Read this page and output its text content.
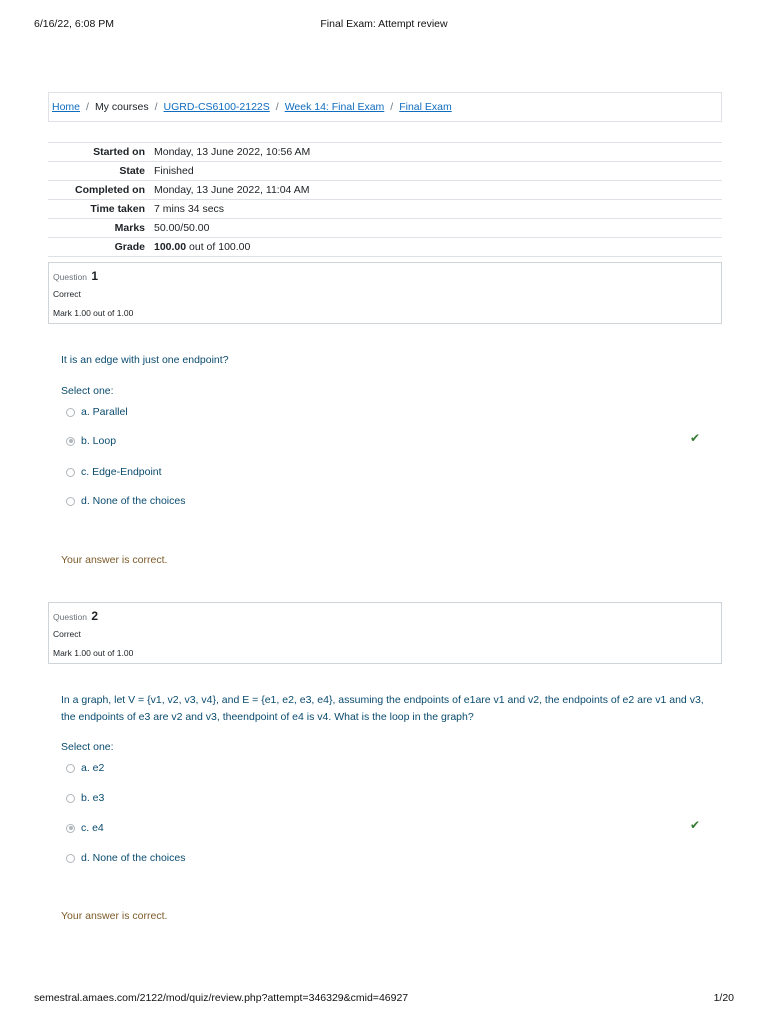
6/16/22, 6:08 PM	Final Exam: Attempt review
Home / My courses / UGRD-CS6100-2122S / Week 14: Final Exam / Final Exam
Started on	Monday, 13 June 2022, 10:56 AM
State	Finished
Completed on	Monday, 13 June 2022, 11:04 AM
Time taken	7 mins 34 secs
Marks	50.00/50.00
Grade	100.00 out of 100.00
Question 1
Correct
Mark 1.00 out of 1.00
It is an edge with just one endpoint?
Select one:
a. Parallel
b. Loop	✔
c. Edge-Endpoint
d. None of the choices
Your answer is correct.
Question 2
Correct
Mark 1.00 out of 1.00
In a graph, let V = {v1, v2, v3, v4}, and E = {e1, e2, e3, e4}, assuming the endpoints of e1are v1 and v2, the endpoints of e2 are v1 and v3, the endpoints of e3 are v2 and v3, theendpoint of e4 is v4. What is the loop in the graph?
Select one:
a. e2
b. e3
c. e4	✔
d. None of the choices
Your answer is correct.
semestral.amaes.com/2122/mod/quiz/review.php?attempt=346329&cmid=46927	1/20
